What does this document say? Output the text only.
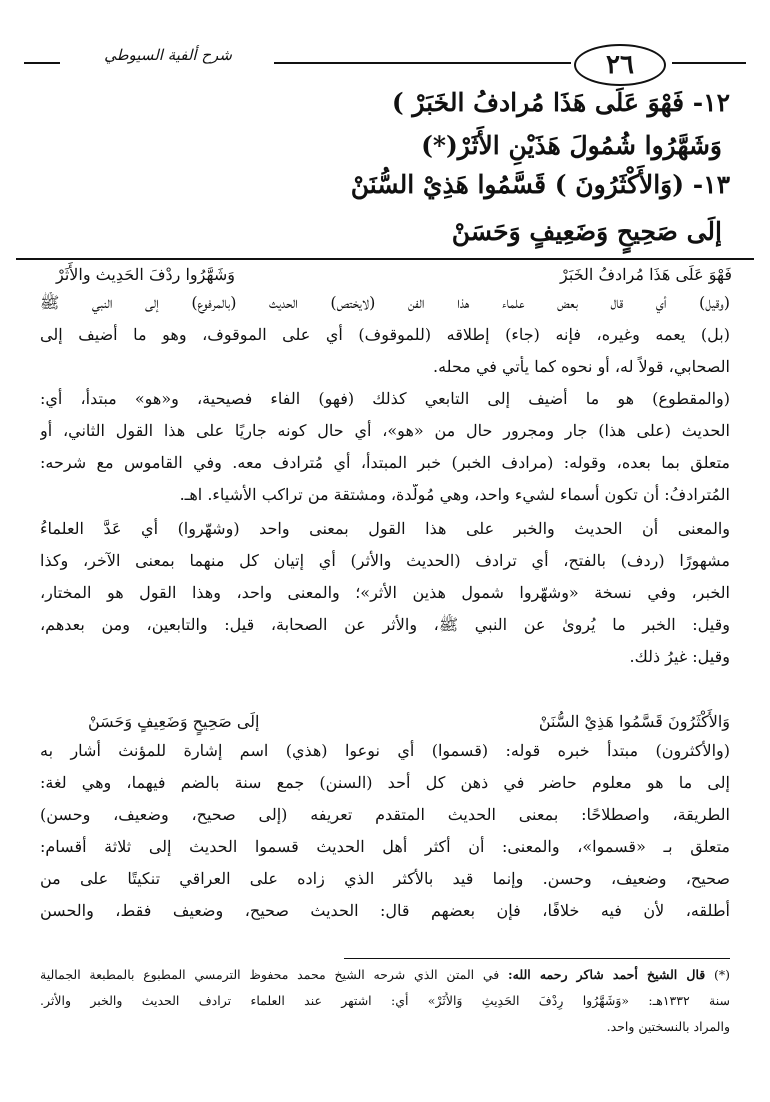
شرح ألفية السيوطي	٢٦
١٢- فَهْوَ عَلَى هَذَا مُرادفُ الخَبَرْ )
وَشَهَّرُوا شُمُولَ هَذَيْنِ الأَثَرْ(*)
١٣- (وَالأَكْثَرُونَ ) قَسَّمُوا هَذِيْ السُّنَنْ
إلَى صَحِيحٍ وَضَعِيفٍ وَحَسَنْ
فَهْوَ عَلَى هَذَا مُرادفُ الخَبَرْ
وَشَهَّرُوا ردْفَ الحَدِيث والأَثَرْ
(وقيل) أي قال بعض علماء هذا الفن (لايختص) الحديث (بالمرفوع) إلى النبي ﷺ
(بل) يعمه وغيره، فإنه (جاء) إطلاقه (للموقوف) أي على الموقوف، وهو ما أُضيف إلى
الصحابي، قولاً له، أو نحوه كما يأتي في محله.
(والمقطوع) هو ما أُضيف إلى التابعي كذلك (فهو) الفاء فصيحية، و«هو» مبتدأ، أي:
الحديث (على هذا) جار ومجرور حال من «هو»، أي حال كونه جاريًا على هذا القول الثاني، أو
متعلق بما بعده، وقوله: (مرادف الخبر) خبر المبتدأ، أي مُترادف معه. وفي القاموس مع شرحه:
المُترادفُ: أن تكون أسماء لشيء واحد، وهي مُولّدة، ومشتقة من تراكب الأشياء. اهـ.
والمعنى أن الحديث والخبر على هذا القول بمعنى واحد (وشهّروا) أي عَدَّ العلماءُ
مشهورًا (ردف) بالفتح، أي ترادف (الحديث والأثر) أي إتيان كل منهما بمعنى الآخر، وكذا
الخبر، وفي نسخة «وشهّروا شمول هذين الأثر»؛ والمعنى واحد، وهذا القول هو المختار،
وقيل: الخبر ما يُروىٰ عن النبي ﷺ، والأثر عن الصحابة، قيل: والتابعين، ومن بعدهم،
وقيل: غيرُ ذلك.
وَالأَكْثَرُونَ قَسَّمُوا هَذِيْ السُّنَنْ
إلَى صَحِيحٍ وَضَعِيفٍ وَحَسَنْ
(والأكثرون) مبتدأ خبره قوله: (قسموا) أي نوعوا (هذي) اسم إشارة للمؤنث أشار به
إلى ما هو معلوم حاضر في ذهن كل أحد (السنن) جمع سنة بالضم فيهما، وهي لغة:
الطريقة، واصطلاحًا: بمعنى الحديث المتقدم تعريفه (إلى صحيح، وضعيف، وحسن)
متعلق بـ «قسموا»، والمعنى: أن أكثر أهل الحديث قسموا الحديث إلى ثلاثة أقسام:
صحيح، وضعيف، وحسن. وإنما قيد بالأكثر الذي زاده على العراقي تنكيتًا على من
أطلقه، لأن فيه خلافًا، فإن بعضهم قال: الحديث صحيح، وضعيف فقط، والحسن
(*) قال الشيخ أحمد شاكر رحمه الله: في المتن الذي شرحه الشيخ محمد محفوظ الترمسي المطبوع بالمطبعة الجمالية
سنة ١٣٣٢هـ: «وَشَهَّرُوا رِدْفَ الحَدِيثِ وَالأَثَرْ» أي: اشتهر عند العلماء ترادف الحديث والخبر والأثر.
والمراد بالنسختين واحد.
